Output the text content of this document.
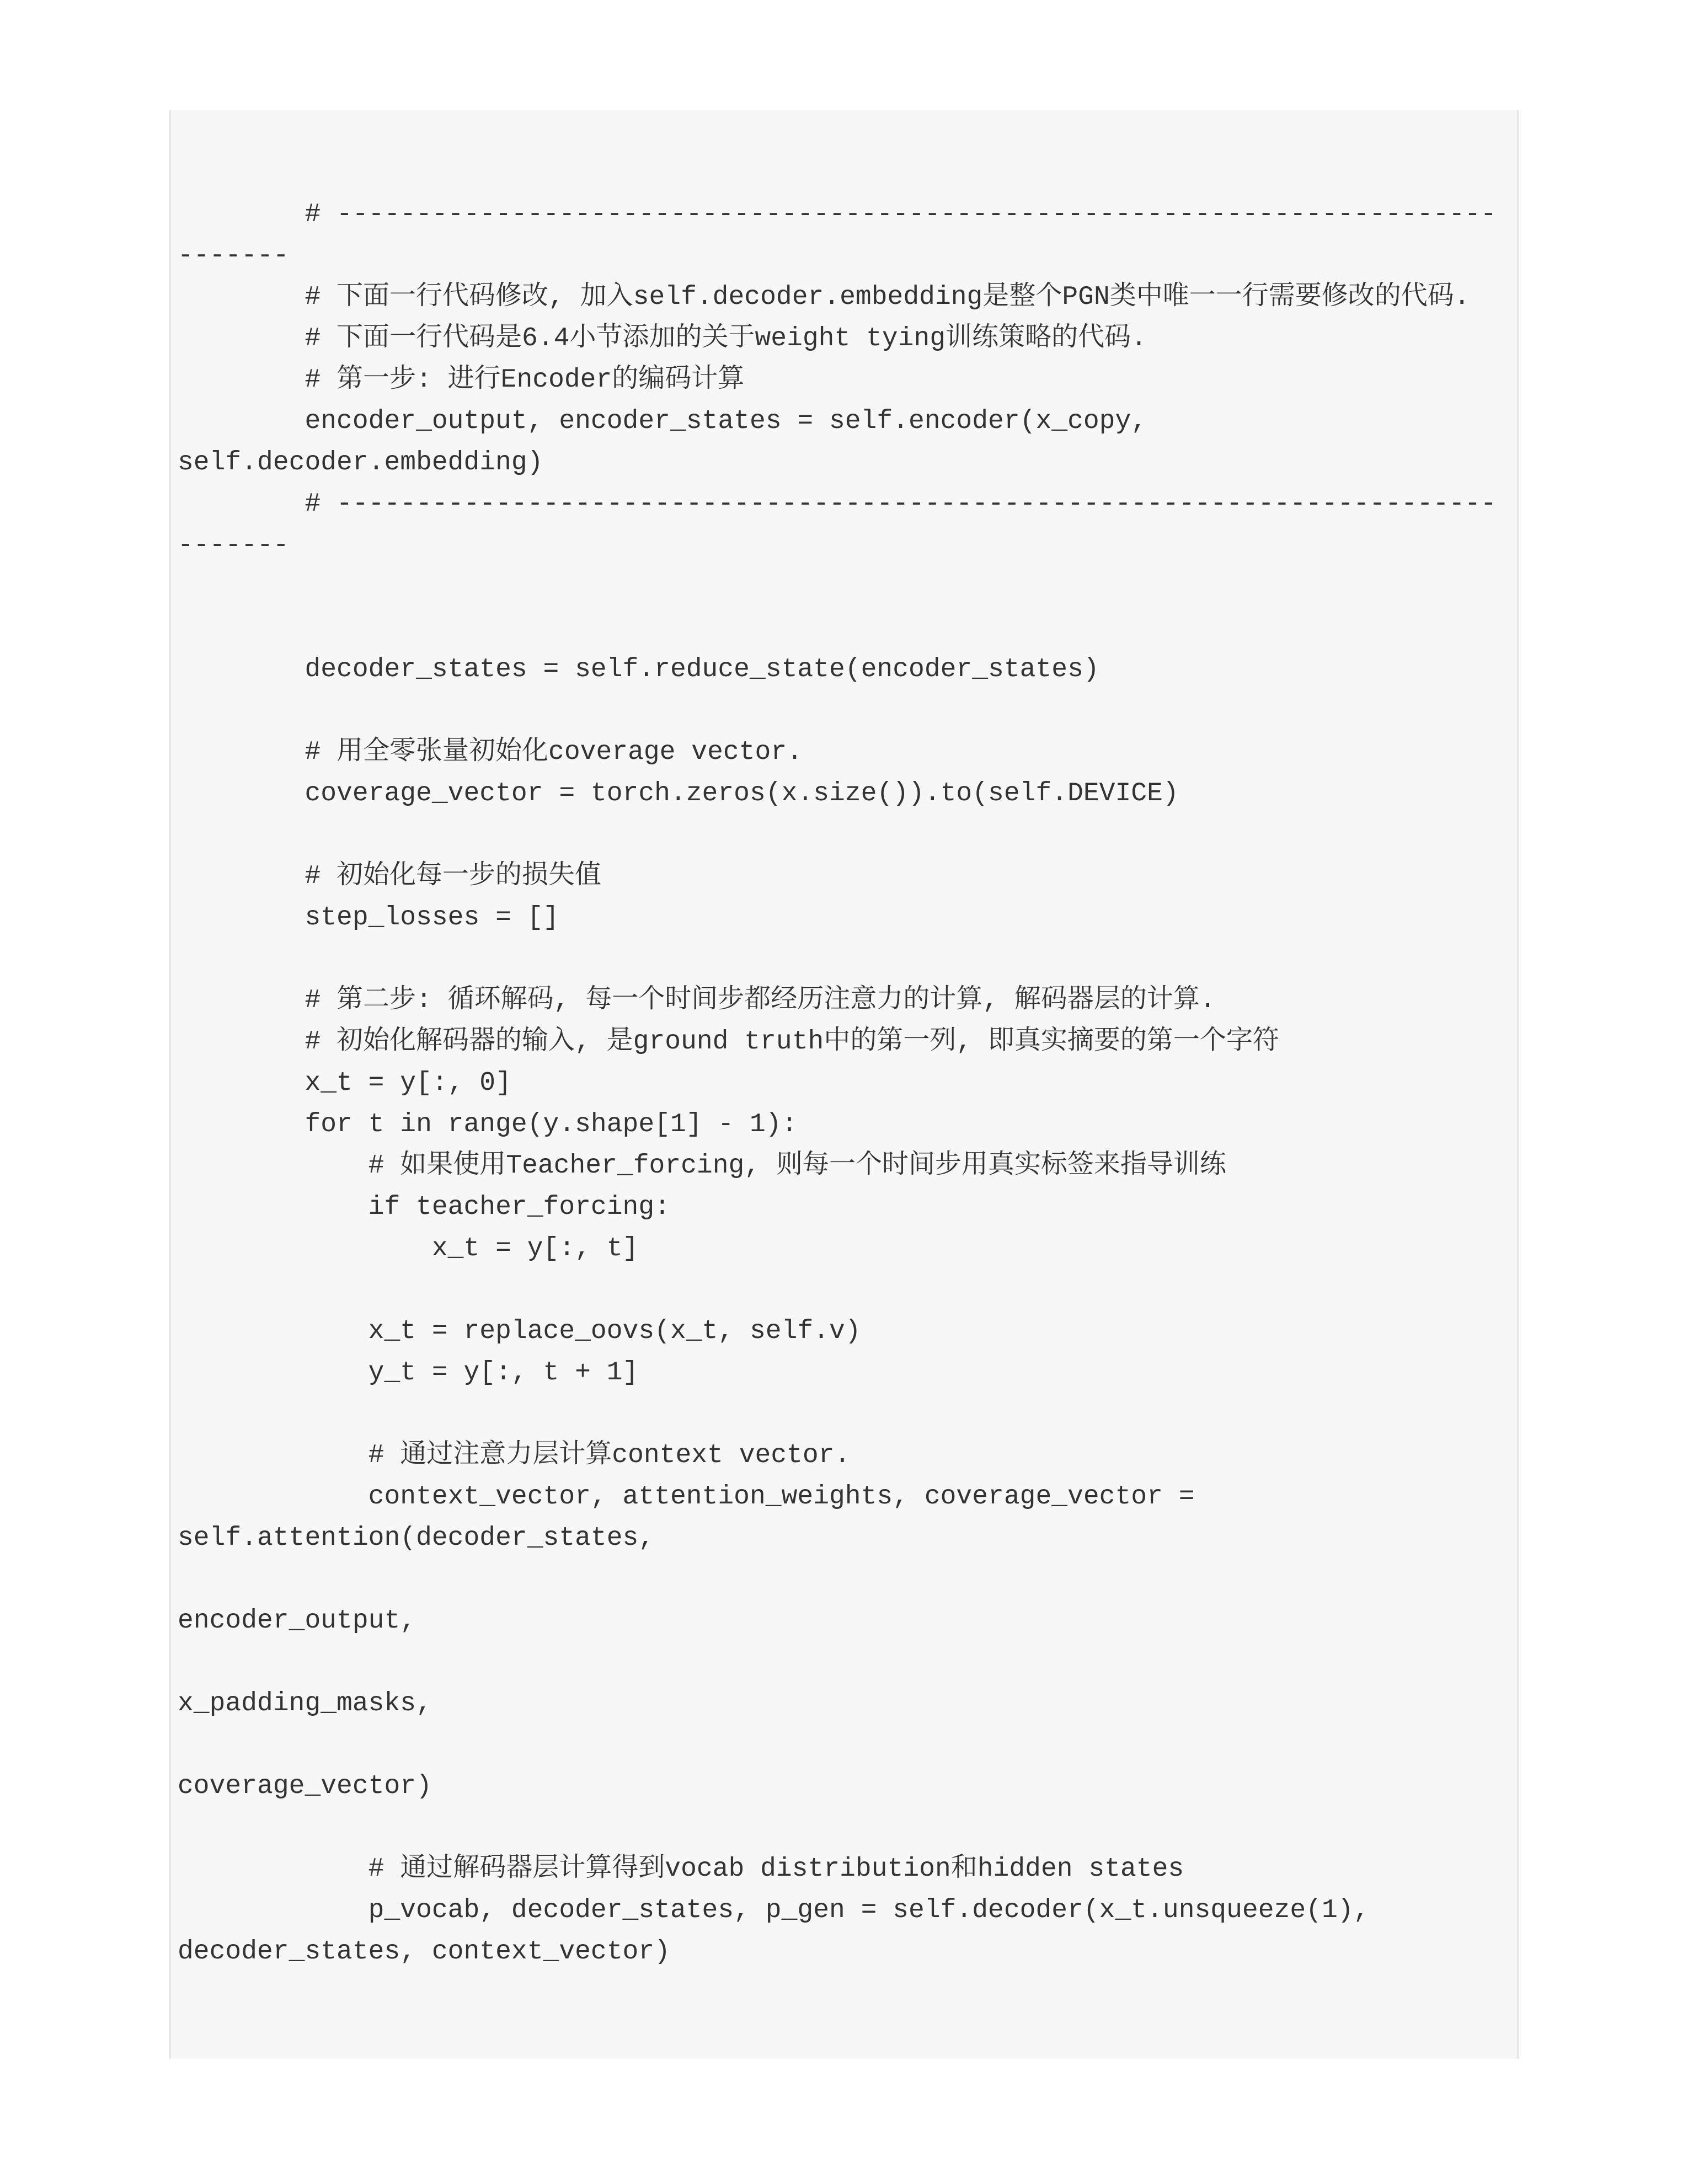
# -------------------------------------------------------------------------
-------
# 下面一行代码修改, 加入self.decoder.embedding是整个PGN类中唯一一行需要修改的代码.
# 下面一行代码是6.4小节添加的关于weight tying训练策略的代码.
# 第一步: 进行Encoder的编码计算
encoder_output, encoder_states = self.encoder(x_copy,
self.decoder.embedding)
# -------------------------------------------------------------------------
-------
decoder_states = self.reduce_state(encoder_states)
# 用全零张量初始化coverage vector.
coverage_vector = torch.zeros(x.size()).to(self.DEVICE)
# 初始化每一步的损失值
step_losses = []
# 第二步: 循环解码, 每一个时间步都经历注意力的计算, 解码器层的计算.
# 初始化解码器的输入, 是ground truth中的第一列, 即真实摘要的第一个字符
x_t = y[:, 0]
for t in range(y.shape[1] - 1):
# 如果使用Teacher_forcing, 则每一个时间步用真实标签来指导训练
if teacher_forcing:
x_t = y[:, t]
x_t = replace_oovs(x_t, self.v)
y_t = y[:, t + 1]
# 通过注意力层计算context vector.
context_vector, attention_weights, coverage_vector =
self.attention(decoder_states,
encoder_output,
x_padding_masks,
coverage_vector)
# 通过解码器层计算得到vocab distribution和hidden states
p_vocab, decoder_states, p_gen = self.decoder(x_t.unsqueeze(1),
decoder_states, context_vector)
